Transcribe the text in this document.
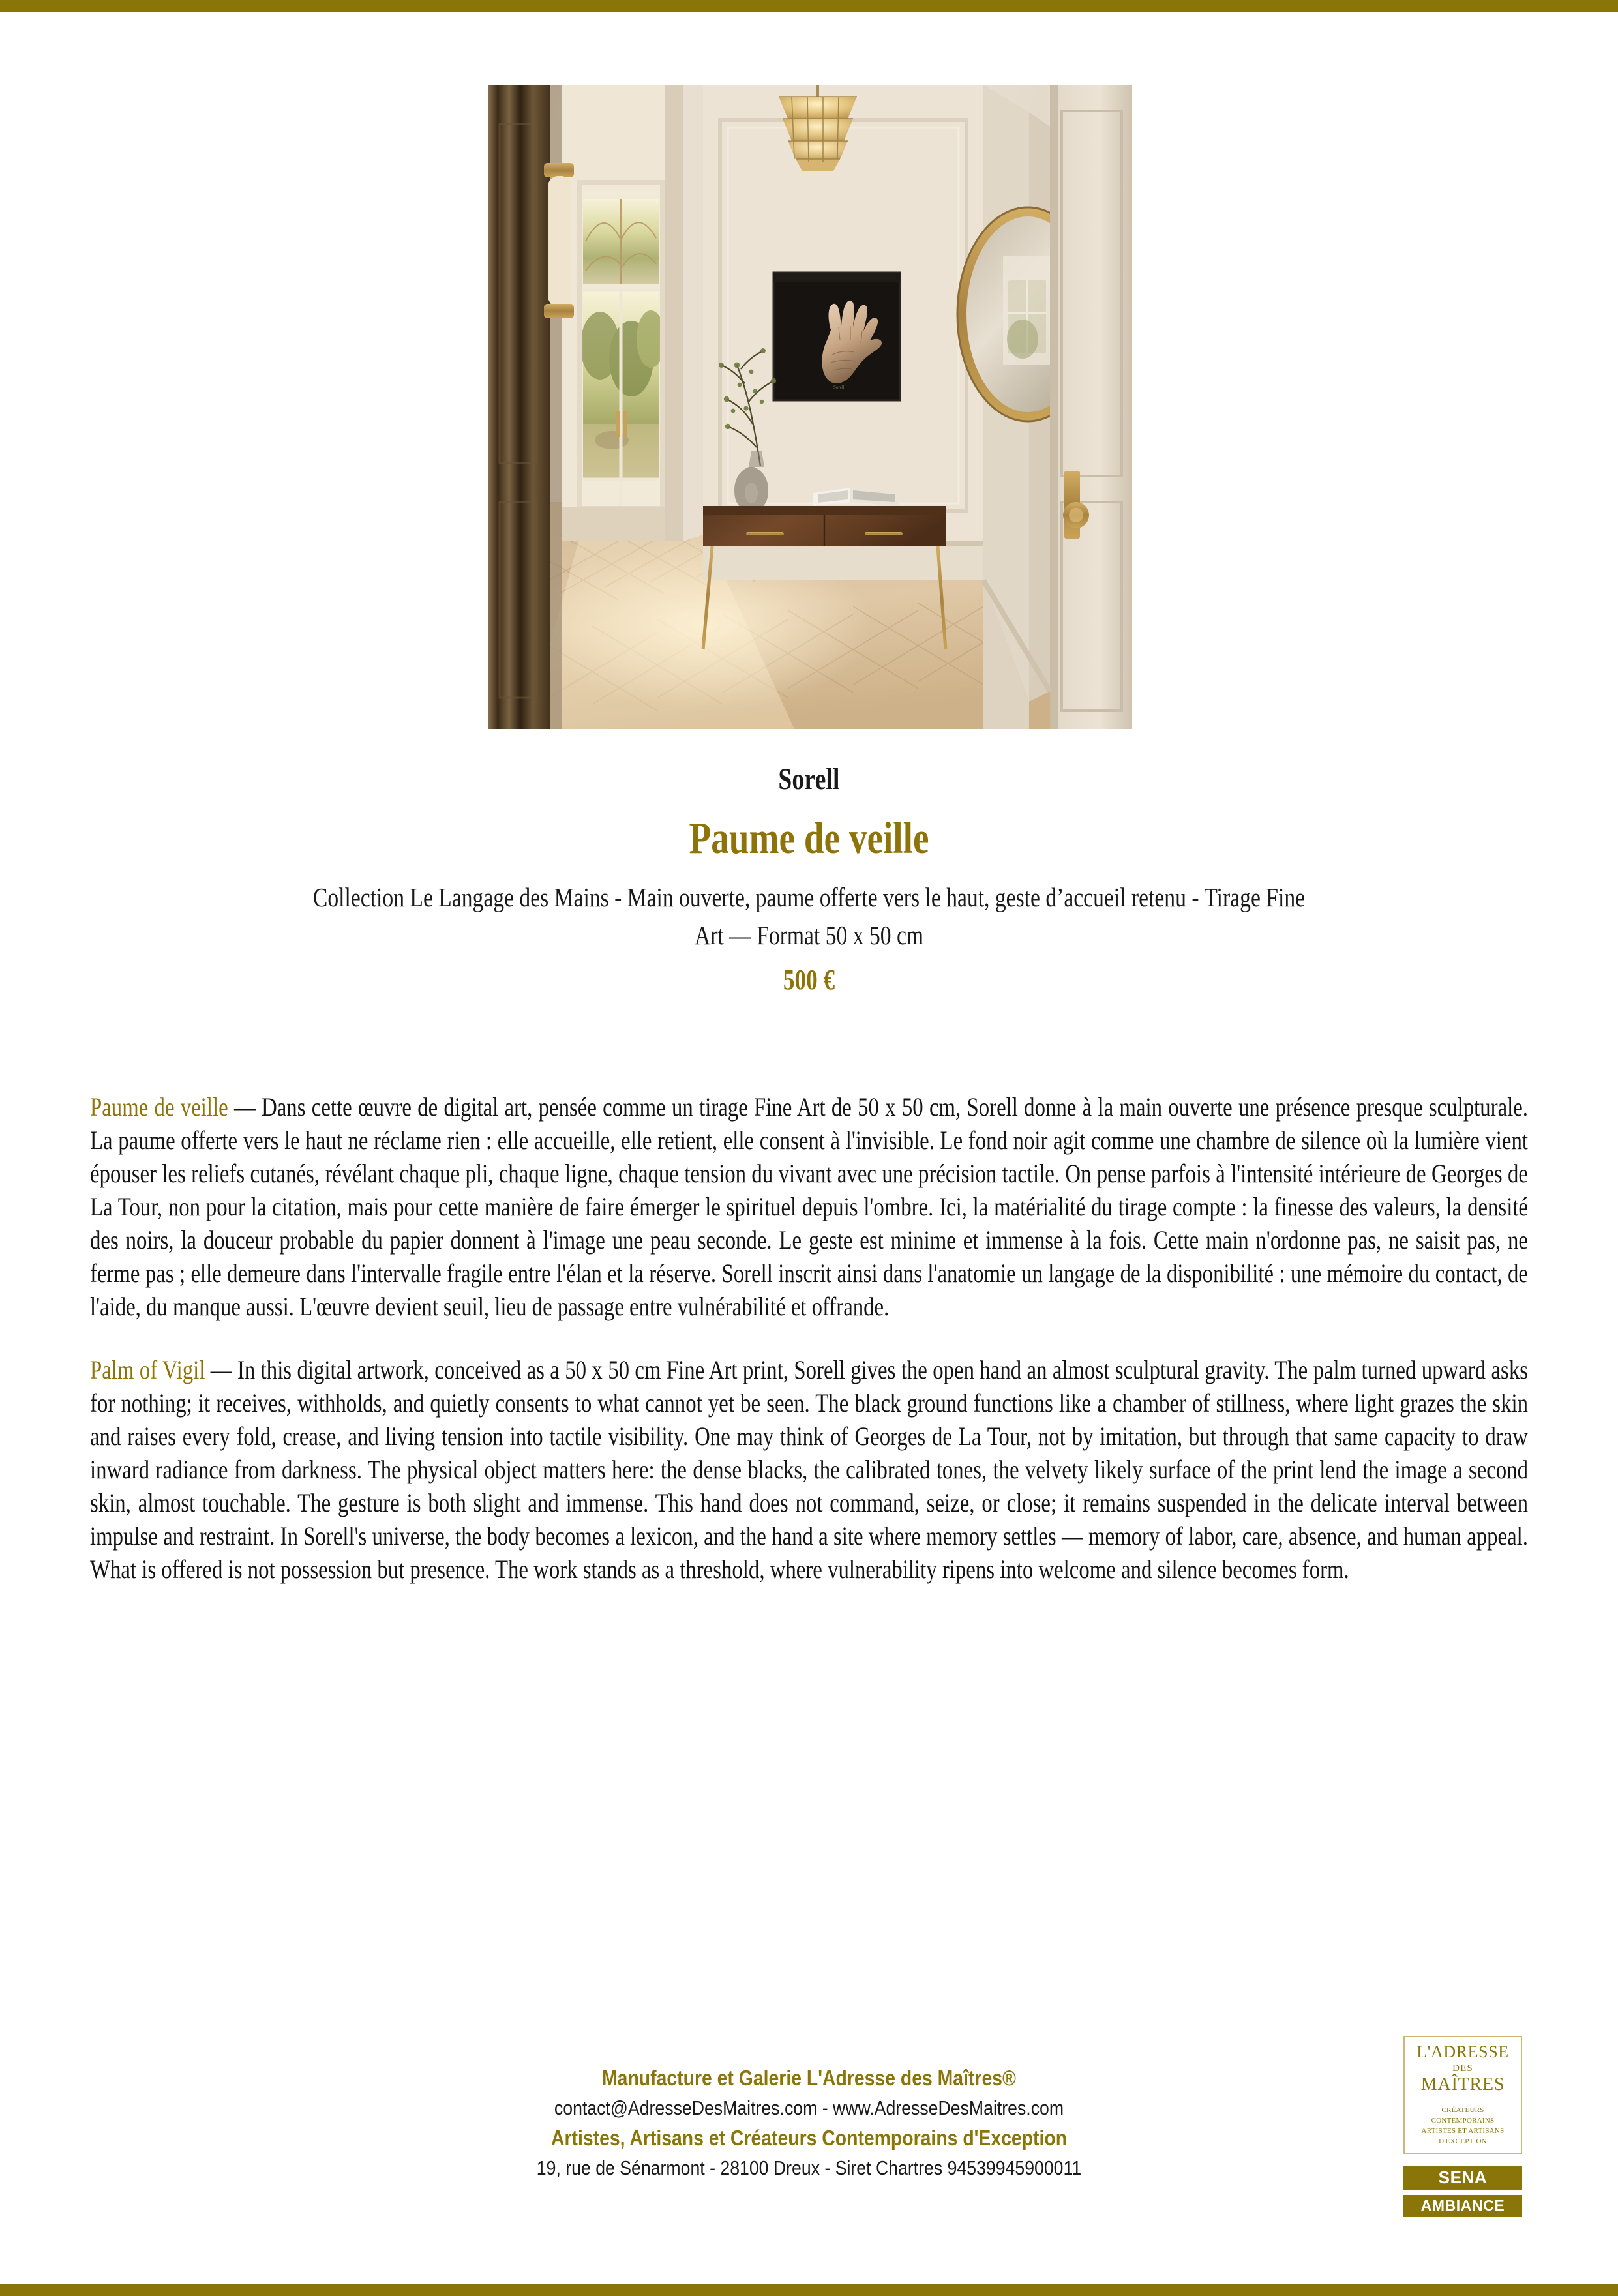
Sorell
Sorell
Paume de veille
Collection Le Langage des Mains - Main ouverte, paume offerte vers le haut, geste d’accueil retenu - Tirage Fine Art — Format 50 x 50 cm
500 €

Paume de veille — Dans cette œuvre de digital art, pensée comme un tirage Fine Art de 50 x 50 cm, Sorell donne à la main ouverte une présence presque sculpturale. La paume offerte vers le haut ne réclame rien : elle accueille, elle retient, elle consent à l'invisible. Le fond noir agit comme une chambre de silence où la lumière vient épouser les reliefs cutanés, révélant chaque pli, chaque ligne, chaque tension du vivant avec une précision tactile. On pense parfois à l'intensité intérieure de Georges de La Tour, non pour la citation, mais pour cette manière de faire émerger le spirituel depuis l'ombre. Ici, la matérialité du tirage compte : la finesse des valeurs, la densité des noirs, la douceur probable du papier donnent à l'image une peau seconde. Le geste est minime et immense à la fois. Cette main n'ordonne pas, ne saisit pas, ne ferme pas ; elle demeure dans l'intervalle fragile entre l'élan et la réserve. Sorell inscrit ainsi dans l'anatomie un langage de la disponibilité : une mémoire du contact, de l'aide, du manque aussi. L'œuvre devient seuil, lieu de passage entre vulnérabilité et offrande.

Palm of Vigil — In this digital artwork, conceived as a 50 x 50 cm Fine Art print, Sorell gives the open hand an almost sculptural gravity. The palm turned upward asks for nothing; it receives, withholds, and quietly consents to what cannot yet be seen. The black ground functions like a chamber of stillness, where light grazes the skin and raises every fold, crease, and living tension into tactile visibility. One may think of Georges de La Tour, not by imitation, but through that same capacity to draw inward radiance from darkness. The physical object matters here: the dense blacks, the calibrated tones, the velvety likely surface of the print lend the image a second skin, almost touchable. The gesture is both slight and immense. This hand does not command, seize, or close; it remains suspended in the delicate interval between impulse and restraint. In Sorell's universe, the body becomes a lexicon, and the hand a site where memory settles — memory of labor, care, absence, and human appeal. What is offered is not possession but presence. The work stands as a threshold, where vulnerability ripens into welcome and silence becomes form.

Manufacture et Galerie L'Adresse des Maîtres®
contact@AdresseDesMaitres.com - www.AdresseDesMaitres.com
Artistes, Artisans et Créateurs Contemporains d'Exception
19, rue de Sénarmont - 28100 Dreux - Siret Chartres 94539945900011
L'ADRESSE
DES
MAÎTRES
CRÉATEURS CONTEMPORAINS
ARTISTES ET ARTISANS
D'EXCEPTION
SENA
AMBIANCE
